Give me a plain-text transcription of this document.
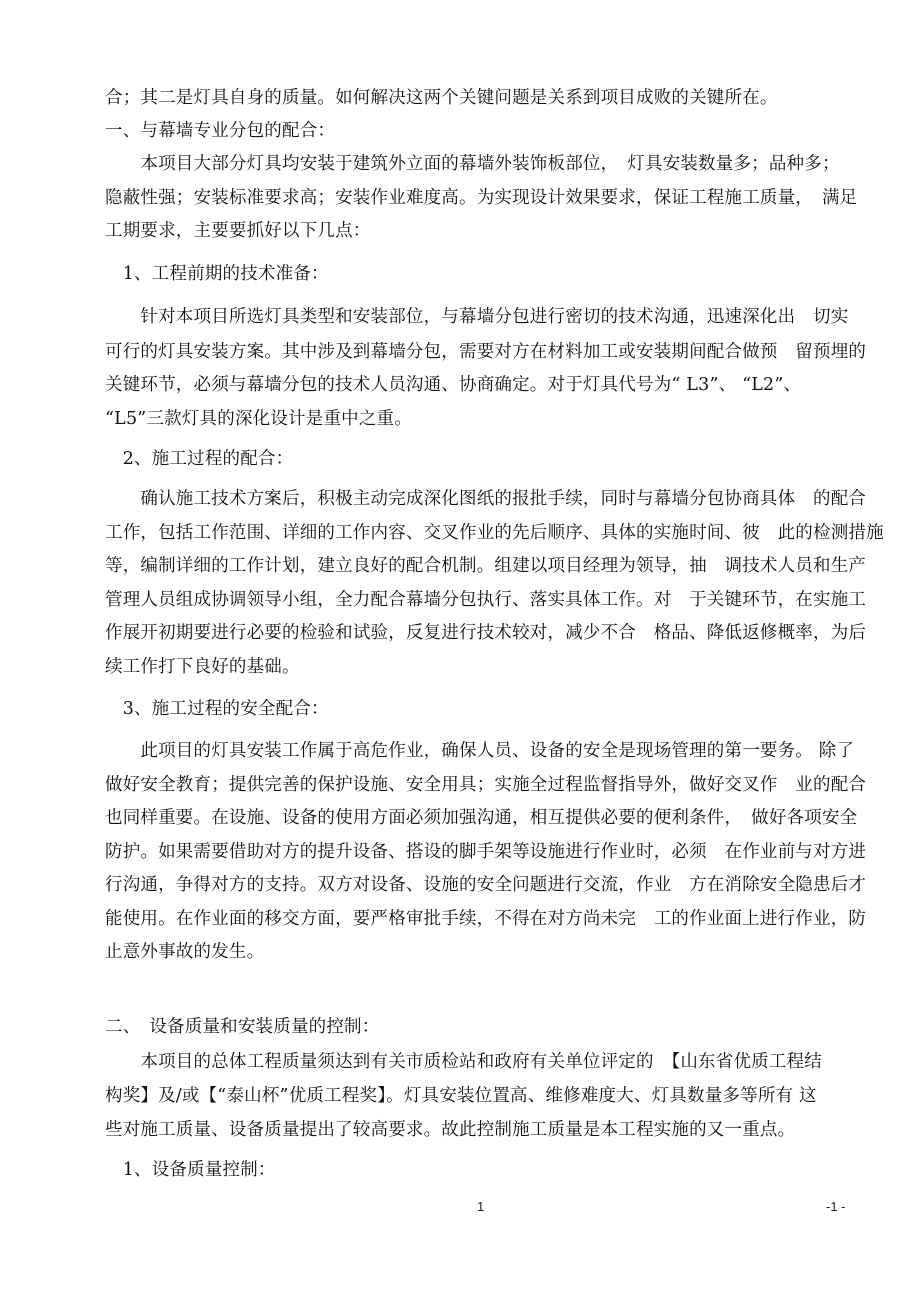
合；其二是灯具自身的质量。如何解决这两个关键问题是关系到项目成败的关键所在。
一、与幕墙专业分包的配合：
　　本项目大部分灯具均安装于建筑外立面的幕墙外装饰板部位，　灯具安装数量多；品种多；
隐蔽性强；安装标准要求高；安装作业难度高。为实现设计效果要求，保证工程施工质量，　满足
工期要求，主要要抓好以下几点：
　1、工程前期的技术准备：
　　针对本项目所选灯具类型和安装部位，与幕墙分包进行密切的技术沟通，迅速深化出　切实
可行的灯具安装方案。其中涉及到幕墙分包，需要对方在材料加工或安装期间配合做预　留预埋的
关键环节，必须与幕墙分包的技术人员沟通、协商确定。对于灯具代号为“ L3”、 “L2”、
“L5”三款灯具的深化设计是重中之重。
　2、施工过程的配合：
　　确认施工技术方案后，积极主动完成深化图纸的报批手续，同时与幕墙分包协商具体　的配合
工作，包括工作范围、详细的工作内容、交叉作业的先后顺序、具体的实施时间、彼　此的检测措施
等，编制详细的工作计划，建立良好的配合机制。组建以项目经理为领导，抽　调技术人员和生产
管理人员组成协调领导小组，全力配合幕墙分包执行、落实具体工作。对　于关键环节，在实施工
作展开初期要进行必要的检验和试验，反复进行技术较对，减少不合　格品、降低返修概率，为后
续工作打下良好的基础。
　3、施工过程的安全配合：
　　此项目的灯具安装工作属于高危作业，确保人员、设备的安全是现场管理的第一要务。 除了
做好安全教育；提供完善的保护设施、安全用具；实施全过程监督指导外，做好交叉作　业的配合
也同样重要。在设施、设备的使用方面必须加强沟通，相互提供必要的便利条件，　做好各项安全
防护。如果需要借助对方的提升设备、搭设的脚手架等设施进行作业时，必须　在作业前与对方进
行沟通，争得对方的支持。双方对设备、设施的安全问题进行交流，作业　方在消除安全隐患后才
能使用。在作业面的移交方面，要严格审批手续，不得在对方尚未完　工的作业面上进行作业，防
止意外事故的发生。
二、　设备质量和安装质量的控制：
　　本项目的总体工程质量须达到有关市质检站和政府有关单位评定的　【山东省优质工程结
构奖】及/或【“泰山杯”优质工程奖】。灯具安装位置高、维修难度大、灯具数量多等所有 这
些对施工质量、设备质量提出了较高要求。故此控制施工质量是本工程实施的又一重点。
　1、设备质量控制：
1	-1 -
